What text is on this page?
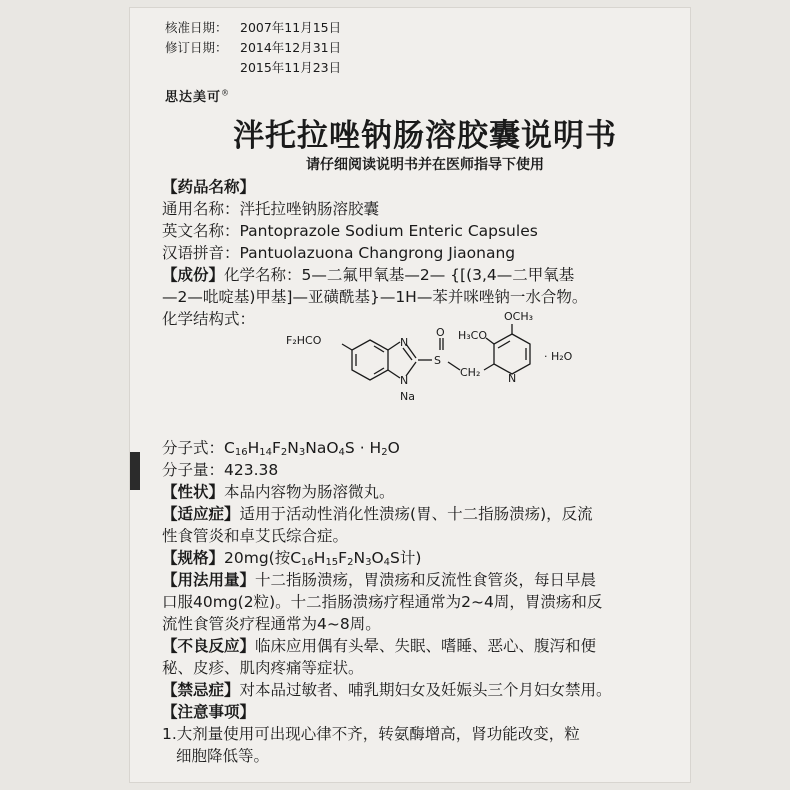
核准日期： 2007年11月15日
修订日期： 2014年12月31日
2015年11月23日
思达美可®
泮托拉唑钠肠溶胶囊说明书
请仔细阅读说明书并在医师指导下使用
【药品名称】
通用名称：泮托拉唑钠肠溶胶囊
英文名称：Pantoprazole Sodium Enteric Capsules
汉语拼音：Pantuolazuona Changrong Jiaonang
【成份】化学名称：5—二氟甲氧基—2— {[(3,4—二甲氧基
—2—吡啶基)甲基]—亚磺酰基}—1H—苯并咪唑钠一水合物。
化学结构式：
分子式：$C_{16}H_{14}F_2N_3NaO_4S \cdot H_2O$
分子量：423.38
【性状】本品内容物为肠溶微丸。
【适应症】适用于活动性消化性溃疡(胃、十二指肠溃疡)，反流
性食管炎和卓艾氏综合症。
【规格】20mg(按$C_{16}H_{15}F_2N_3O_4S$计)
【用法用量】十二指肠溃疡，胃溃疡和反流性食管炎，每日早晨
口服40mg(2粒)。十二指肠溃疡疗程通常为2~4周，胃溃疡和反
流性食管炎疗程通常为4~8周。
【不良反应】临床应用偶有头晕、失眠、嗜睡、恶心、腹泻和便
秘、皮疹、肌肉疼痛等症状。
【禁忌症】对本品过敏者、哺乳期妇女及妊娠头三个月妇女禁用。
【注意事项】
1.大剂量使用可出现心律不齐，转氨酶增高，肾功能改变，粒
细胞降低等。
F₂HCO	N
N
Na
S
O
CH₂	N
H₃CO
OCH₃
· H₂O
